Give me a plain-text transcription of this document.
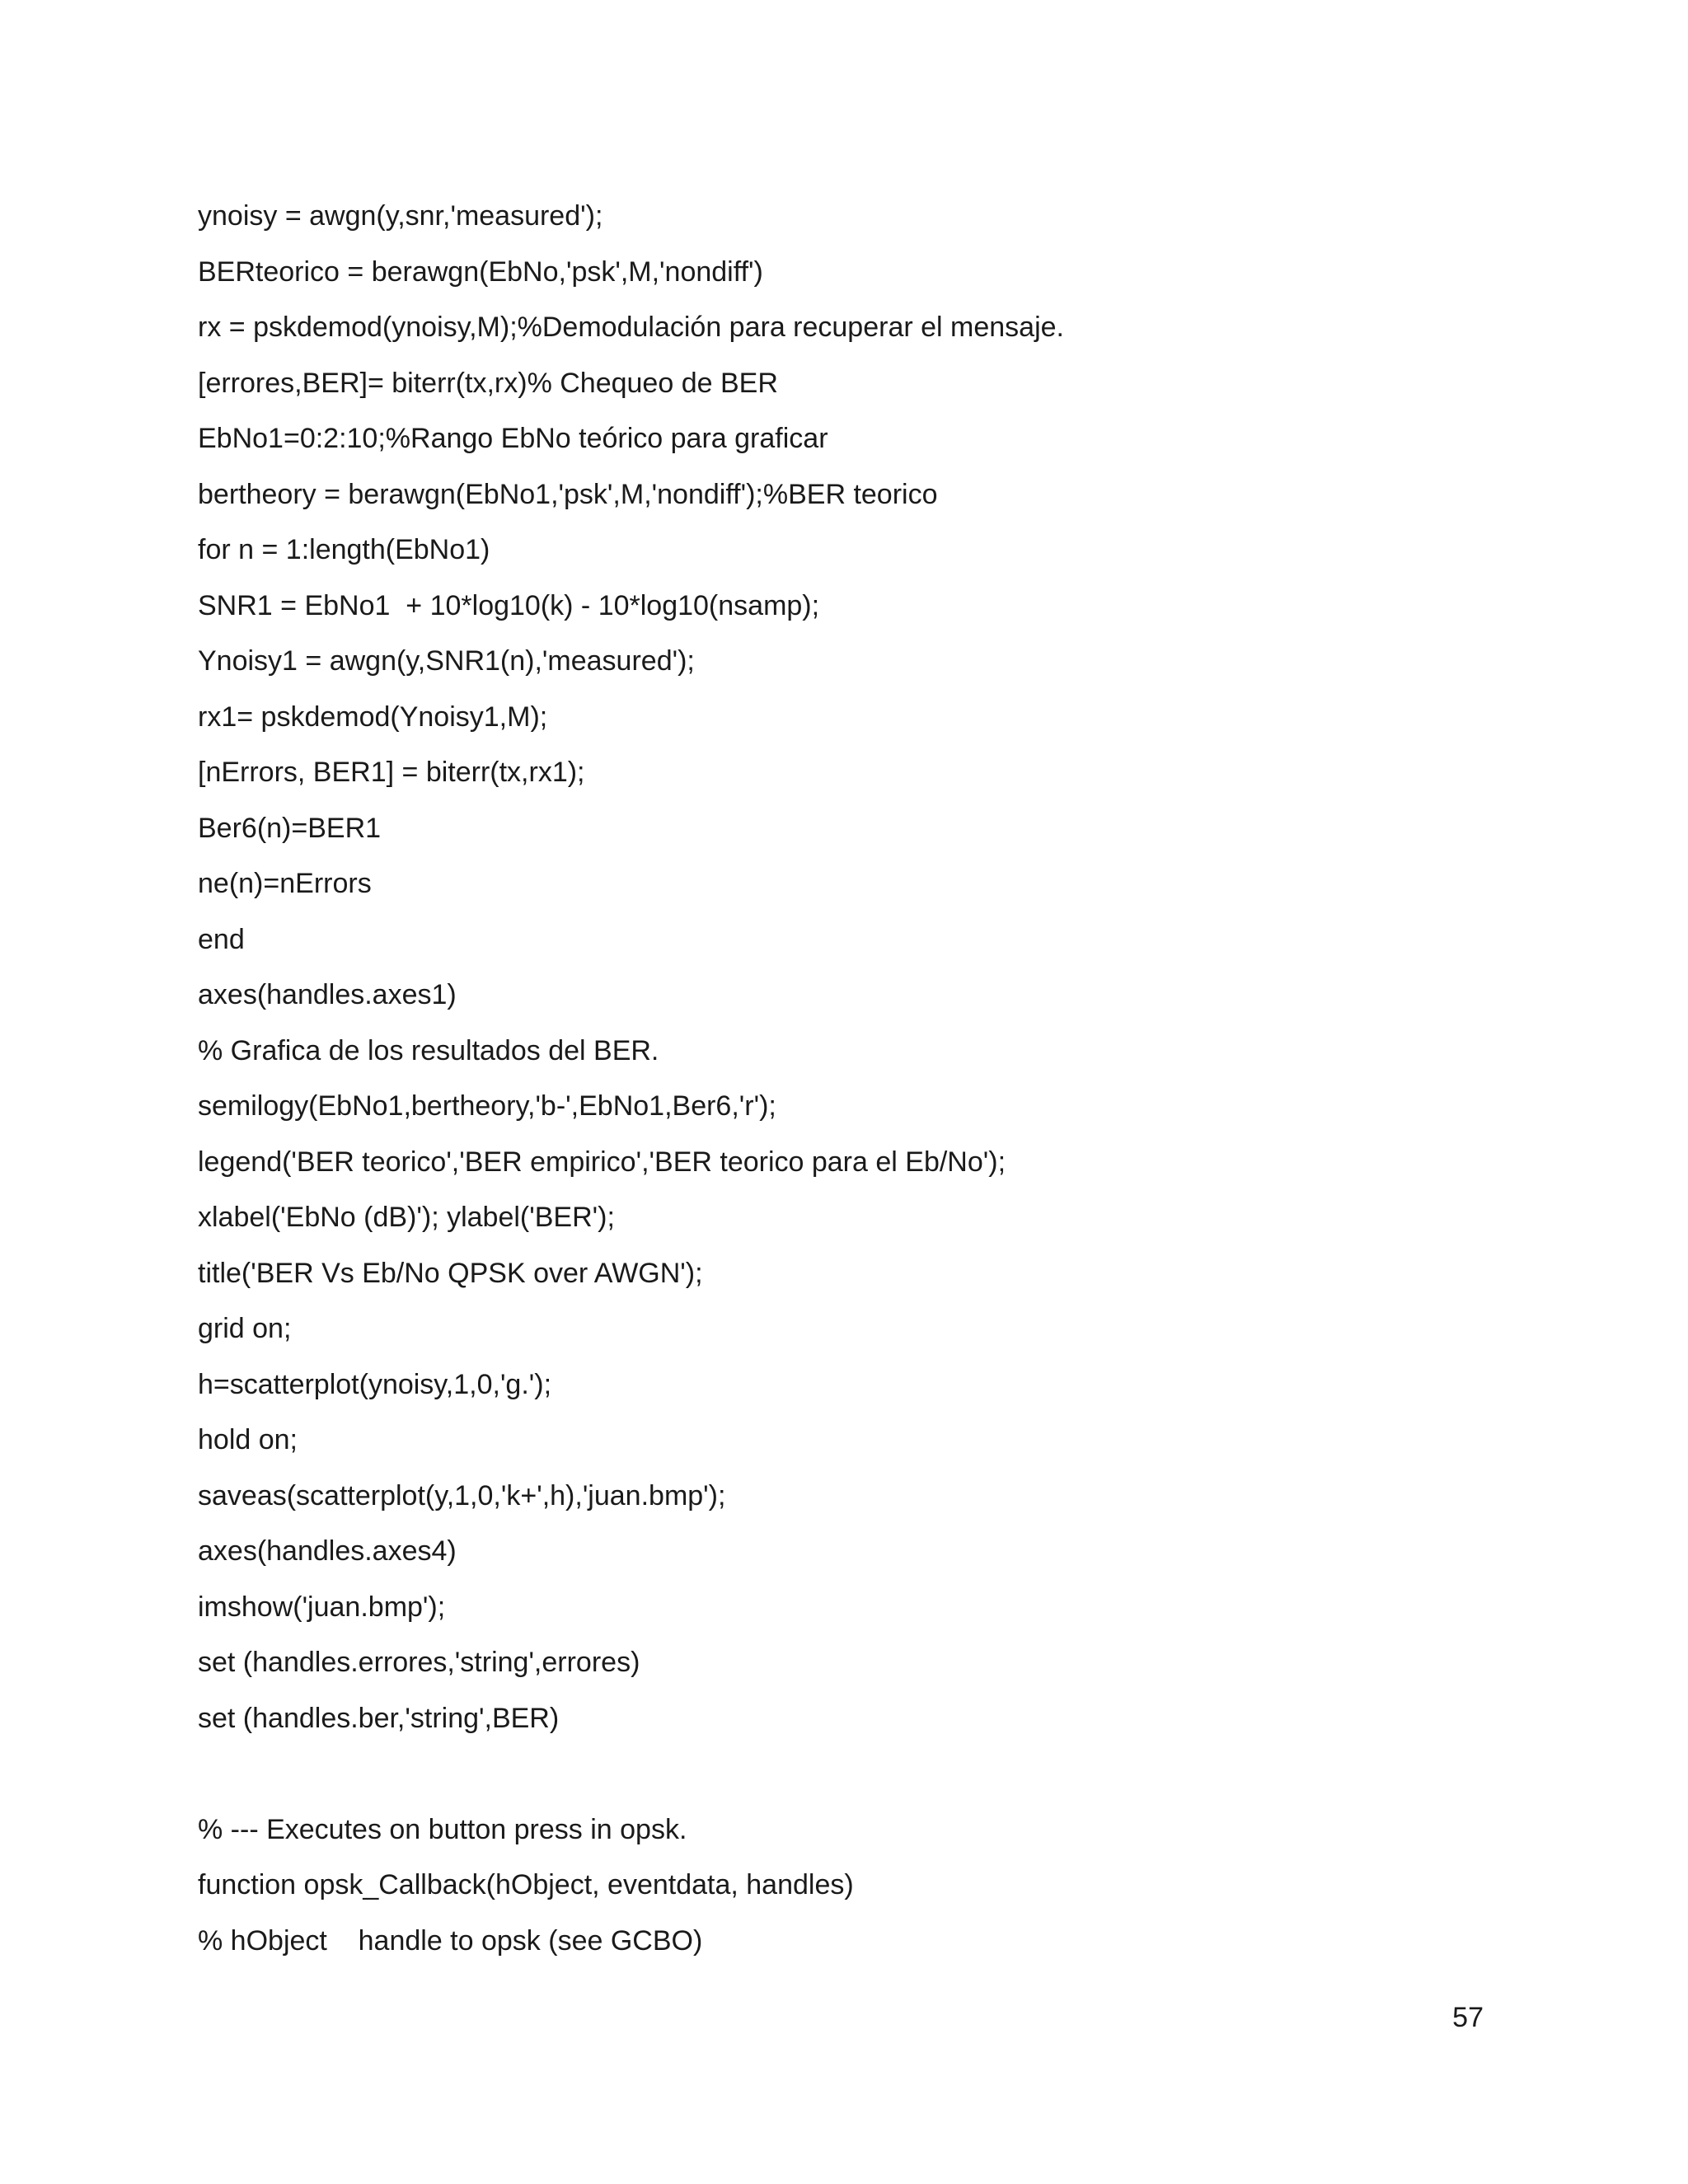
ynoisy = awgn(y,snr,'measured');
BERteorico = berawgn(EbNo,'psk',M,'nondiff')
rx = pskdemod(ynoisy,M);%Demodulación para recuperar el mensaje.
[errores,BER]= biterr(tx,rx)% Chequeo de BER
EbNo1=0:2:10;%Rango EbNo teórico para graficar
bertheory = berawgn(EbNo1,'psk',M,'nondiff');%BER teorico
for n = 1:length(EbNo1)
SNR1 = EbNo1  + 10*log10(k) - 10*log10(nsamp);
Ynoisy1 = awgn(y,SNR1(n),'measured');
rx1= pskdemod(Ynoisy1,M);
[nErrors, BER1] = biterr(tx,rx1);
Ber6(n)=BER1
ne(n)=nErrors
end
axes(handles.axes1)
% Grafica de los resultados del BER.
semilogy(EbNo1,bertheory,'b-',EbNo1,Ber6,'r');
legend('BER teorico','BER empirico','BER teorico para el Eb/No');
xlabel('EbNo (dB)'); ylabel('BER');
title('BER Vs Eb/No QPSK over AWGN');
grid on;
h=scatterplot(ynoisy,1,0,'g.');
hold on;
saveas(scatterplot(y,1,0,'k+',h),'juan.bmp');
axes(handles.axes4)
imshow('juan.bmp');
set (handles.errores,'string',errores)
set (handles.ber,'string',BER)
% --- Executes on button press in opsk.
function opsk_Callback(hObject, eventdata, handles)
% hObject    handle to opsk (see GCBO)
57
